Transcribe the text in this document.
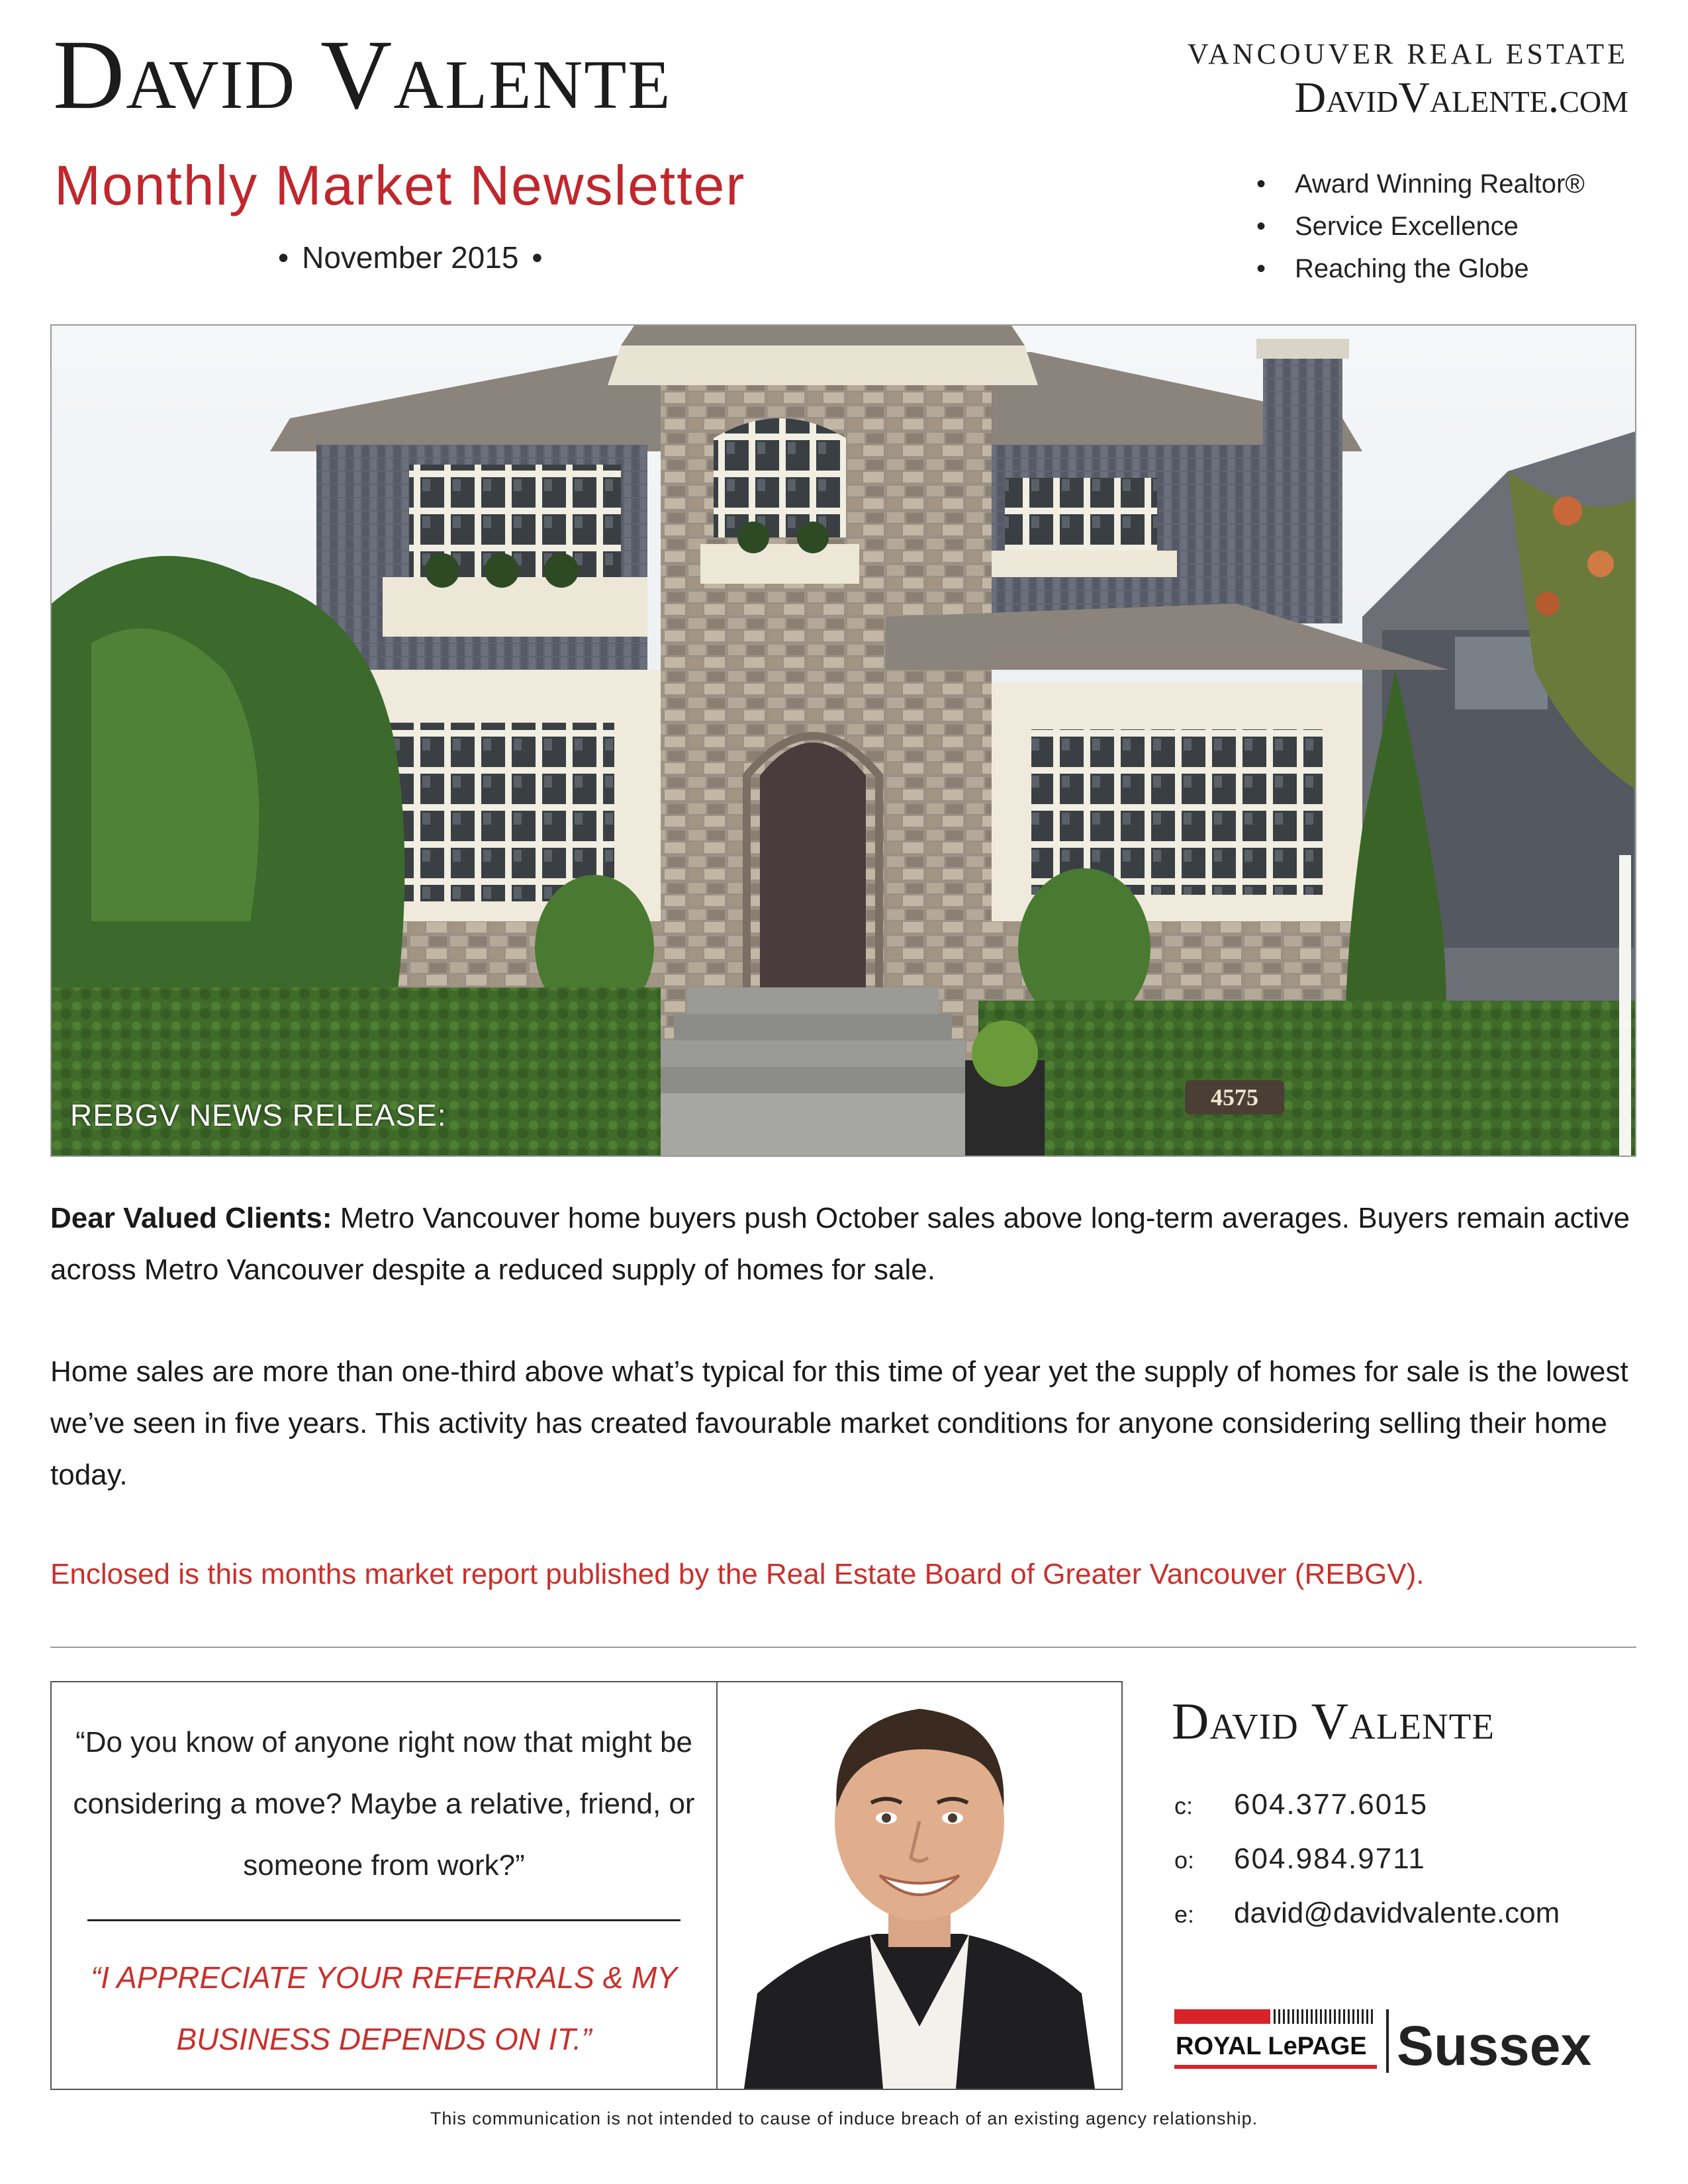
David Valente
Monthly Market Newsletter
• November 2015 •
VANCOUVER REAL ESTATE
DavidValente.com
• Award Winning Realtor®
• Service Excellence
• Reaching the Globe
4575
REBGV NEWS RELEASE:
Dear Valued Clients: Metro Vancouver home buyers push October sales above long-term averages. Buyers remain active across Metro Vancouver despite a reduced supply of homes for sale.
Home sales are more than one-third above what’s typical for this time of year yet the supply of homes for sale is the lowest we’ve seen in five years. This activity has created favourable market conditions for anyone considering selling their home today.
Enclosed is this months market report published by the Real Estate Board of Greater Vancouver (REBGV).
“Do you know of anyone right now that might be considering a move? Maybe a relative, friend, or someone from work?”
“I APPRECIATE YOUR REFERRALS & MY BUSINESS DEPENDS ON IT.”
David Valente
c: 604.377.6015
o: 604.984.9711
e: david@davidvalente.com
ROYAL LePAGE Sussex
This communication is not intended to cause of induce breach of an existing agency relationship.
